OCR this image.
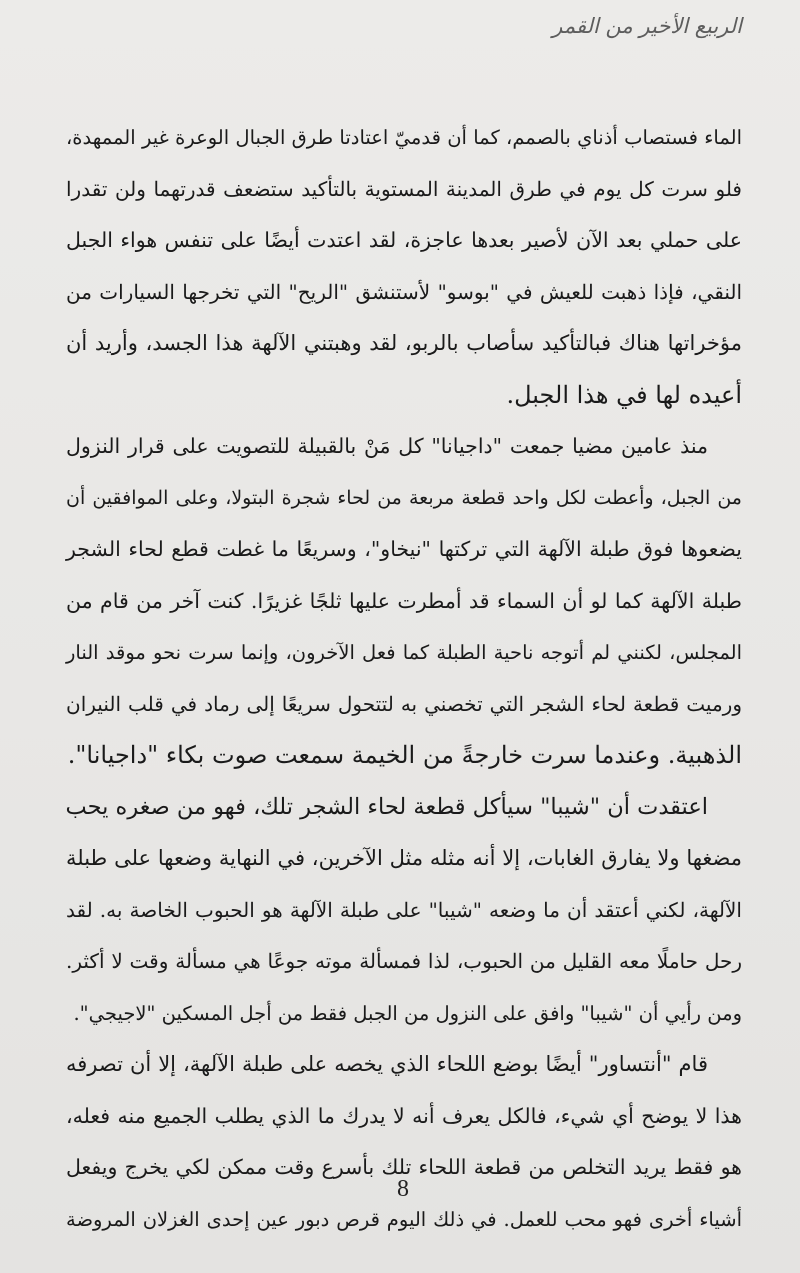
الربيع الأخير من القمر
الماء فستصاب أذناي بالصمم، كما أن قدميّ اعتادتا طرق الجبال الوعرة غير الممهدة،
فلو سرت كل يوم في طرق المدينة المستوية بالتأكيد ستضعف قدرتهما ولن تقدرا
على حملي بعد الآن لأصير بعدها عاجزة، لقد اعتدت أيضًا على تنفس هواء الجبل
النقي، فإذا ذهبت للعيش في "بوسو" لأستنشق "الريح" التي تخرجها السيارات من
مؤخراتها هناك فبالتأكيد سأصاب بالربو، لقد وهبتني الآلهة هذا الجسد، وأريد أن
أعيده لها في هذا الجبل.
منذ عامين مضيا جمعت "داجيانا" كل مَنْ بالقبيلة للتصويت على قرار النزول
من الجبل، وأعطت لكل واحد قطعة مربعة من لحاء شجرة البتولا، وعلى الموافقين أن
يضعوها فوق طبلة الآلهة التي تركتها "نيخاو"، وسريعًا ما غطت قطع لحاء الشجر
طبلة الآلهة كما لو أن السماء قد أمطرت عليها ثلجًا غزيرًا. كنت آخر من قام من
المجلس، لكنني لم أتوجه ناحية الطبلة كما فعل الآخرون، وإنما سرت نحو موقد النار
ورميت قطعة لحاء الشجر التي تخصني به لتتحول سريعًا إلى رماد في قلب النيران
الذهبية. وعندما سرت خارجةً من الخيمة سمعت صوت بكاء "داجيانا".
اعتقدت أن "شيبا" سيأكل قطعة لحاء الشجر تلك، فهو من صغره يحب
مضغها ولا يفارق الغابات، إلا أنه مثله مثل الآخرين، في النهاية وضعها على طبلة
الآلهة، لكني أعتقد أن ما وضعه "شيبا" على طبلة الآلهة هو الحبوب الخاصة به. لقد
رحل حاملًا معه القليل من الحبوب، لذا فمسألة موته جوعًا هي مسألة وقت لا أكثر.
ومن رأيي أن "شيبا" وافق على النزول من الجبل فقط من أجل المسكين "لاجيجي".
قام "أنتساور" أيضًا بوضع اللحاء الذي يخصه على طبلة الآلهة، إلا أن تصرفه
هذا لا يوضح أي شيء، فالكل يعرف أنه لا يدرك ما الذي يطلب الجميع منه فعله،
هو فقط يريد التخلص من قطعة اللحاء تلك بأسرع وقت ممكن لكي يخرج ويفعل
أشياء أخرى فهو محب للعمل. في ذلك اليوم قرص دبور عين إحدى الغزلان المروضة
8
